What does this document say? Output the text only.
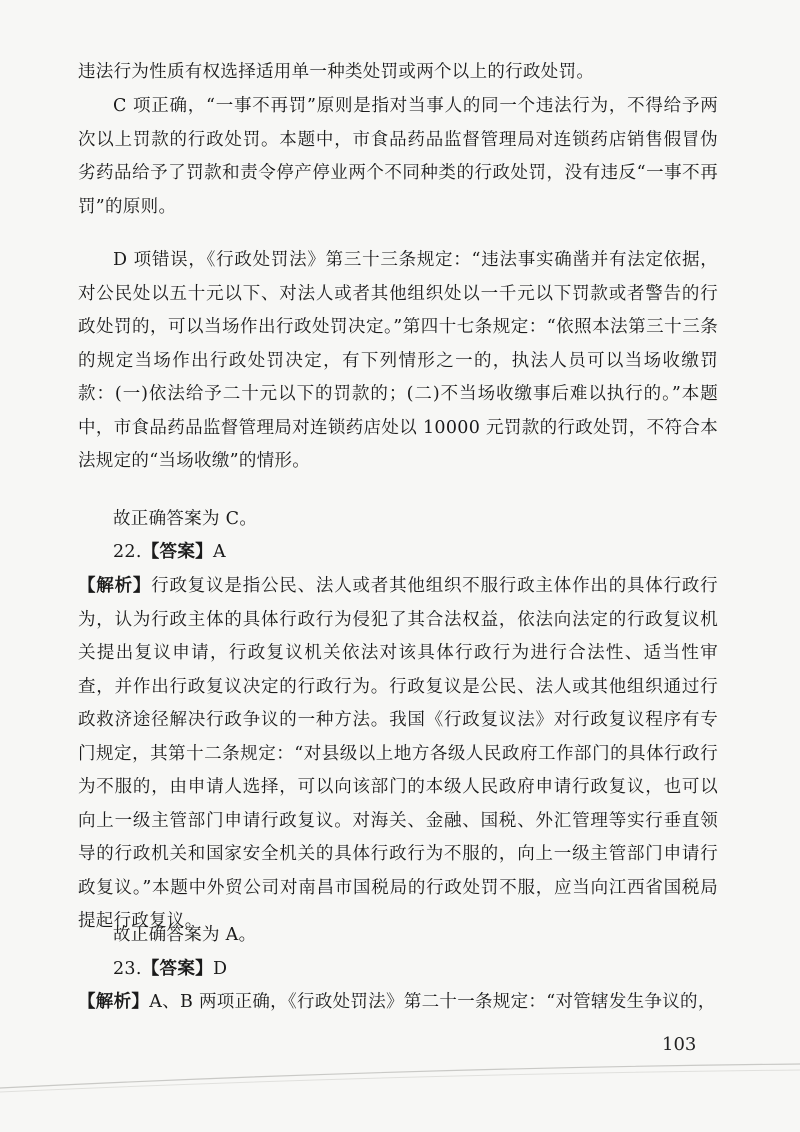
违法行为性质有权选择适用单一种类处罚或两个以上的行政处罚。

C 项正确，“一事不再罚”原则是指对当事人的同一个违法行为，不得给予两次以上罚款的行政处罚。本题中，市食品药品监督管理局对连锁药店销售假冒伪劣药品给予了罚款和责令停产停业两个不同种类的行政处罚，没有违反“一事不再罚”的原则。

D 项错误，《行政处罚法》第三十三条规定：“违法事实确凿并有法定依据，对公民处以五十元以下、对法人或者其他组织处以一千元以下罚款或者警告的行政处罚的，可以当场作出行政处罚决定。”第四十七条规定：“依照本法第三十三条的规定当场作出行政处罚决定，有下列情形之一的，执法人员可以当场收缴罚款：(一)依法给予二十元以下的罚款的；(二)不当场收缴事后难以执行的。”本题中，市食品药品监督管理局对连锁药店处以 10000 元罚款的行政处罚，不符合本法规定的“当场收缴”的情形。

故正确答案为 C。

22.【答案】A

【解析】行政复议是指公民、法人或者其他组织不服行政主体作出的具体行政行为，认为行政主体的具体行政行为侵犯了其合法权益，依法向法定的行政复议机关提出复议申请，行政复议机关依法对该具体行政行为进行合法性、适当性审查，并作出行政复议决定的行政行为。行政复议是公民、法人或其他组织通过行政救济途径解决行政争议的一种方法。我国《行政复议法》对行政复议程序有专门规定，其第十二条规定：“对县级以上地方各级人民政府工作部门的具体行政行为不服的，由申请人选择，可以向该部门的本级人民政府申请行政复议，也可以向上一级主管部门申请行政复议。对海关、金融、国税、外汇管理等实行垂直领导的行政机关和国家安全机关的具体行政行为不服的，向上一级主管部门申请行政复议。”本题中外贸公司对南昌市国税局的行政处罚不服，应当向江西省国税局提起行政复议。

故正确答案为 A。

23.【答案】D

【解析】A、B 两项正确，《行政处罚法》第二十一条规定：“对管辖发生争议的，

103
